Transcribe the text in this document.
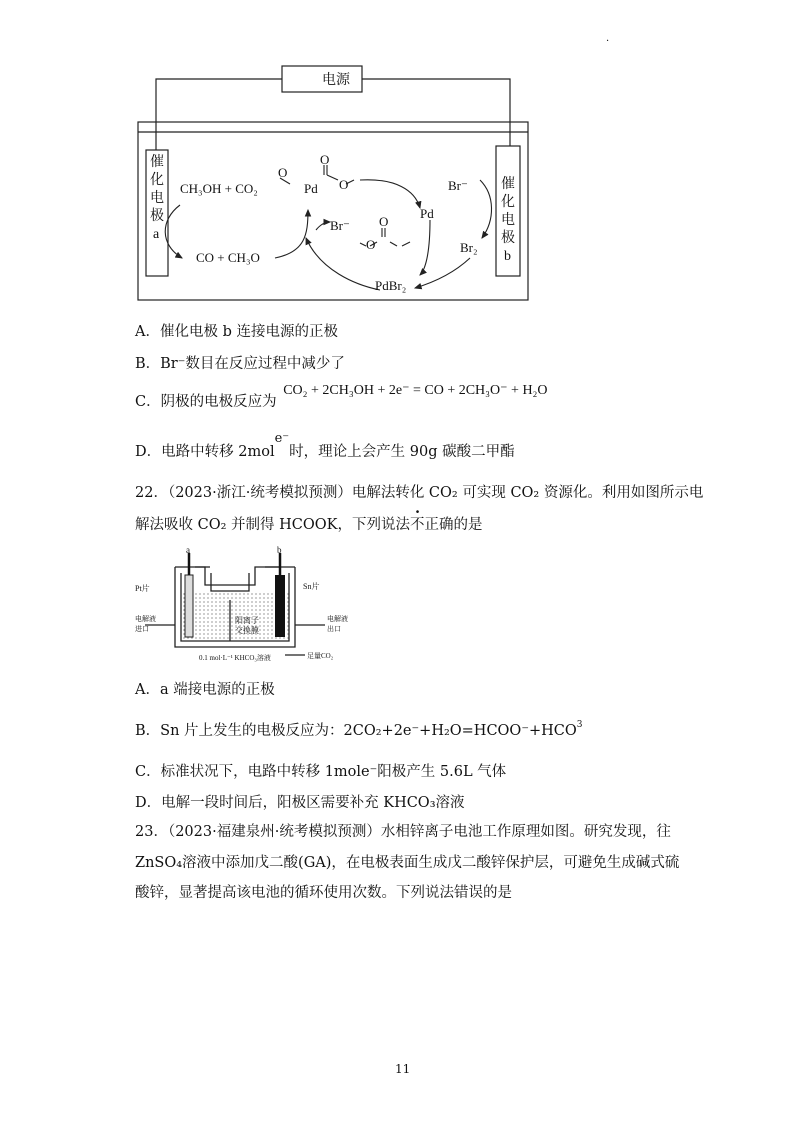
·
电源
催
化
电
极
a
催
化
电
极
b
CH₃OH + CO₂
CO + CH₃O
Pd
O
O
O
O
O
Br⁻
Br⁻
Pd
Br₂
PdBr₂
A．催化电极 b 连接电源的正极
B．Br⁻数目在反应过程中减少了
C．阴极的电极反应为 CO₂ + 2CH₃OH + 2e⁻ = CO + 2CH₃O⁻ + H₂O
D．电路中转移 2mole⁻时，理论上会产生 90g 碳酸二甲酯
22．（2023·浙江·统考模拟预测）电解法转化 CO₂ 可实现 CO₂ 资源化。利用如图所示电
解法吸收 CO₂ 并制得 HCOOK，下列说法不正确的是
a	b
Pt片	Sn片
电解液
进口
电解液
出口
阳离子
交换膜
0.1 mol·L⁻¹ KHCO₃溶液	足量CO₂
A．a 端接电源的正极
B．Sn 片上发生的电极反应为：$2CO_2+2e^-+H_2O=HCOO^-+HCO^3$
C．标准状况下，电路中转移 1mole⁻阳极产生 5.6L 气体
D．电解一段时间后，阳极区需要补充 KHCO₃溶液
23．（2023·福建泉州·统考模拟预测）水相锌离子电池工作原理如图。研究发现，往
ZnSO₄溶液中添加戊二酸(GA)，在电极表面生成戊二酸锌保护层，可避免生成碱式硫
酸锌，显著提高该电池的循环使用次数。下列说法错误的是
11
